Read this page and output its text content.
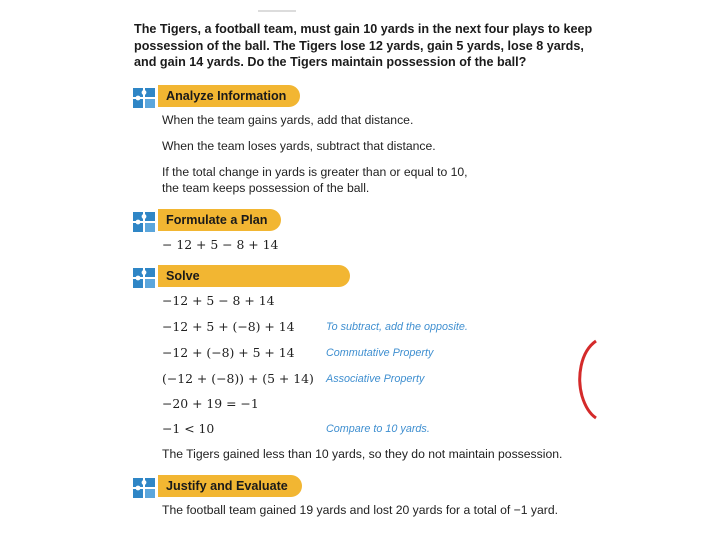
The Tigers, a football team, must gain 10 yards in the next four plays to keep possession of the ball. The Tigers lose 12 yards, gain 5 yards, lose 8 yards, and gain 14 yards. Do the Tigers maintain possession of the ball?
Analyze Information
When the team gains yards, add that distance.
When the team loses yards, subtract that distance.
If the total change in yards is greater than or equal to 10,
the team keeps possession of the ball.
Formulate a Plan
− 12 + 5 − 8 + 14
Solve
−12 + 5 − 8 + 14
−12 + 5 + (−8) + 14	To subtract, add the opposite.
−12 + (−8) + 5 + 14	Commutative Property
(−12 + (−8)) + (5 + 14) Associative Property
−20 + 19 = −1
−1 < 10	Compare to 10 yards.
The Tigers gained less than 10 yards, so they do not maintain possession.
Justify and Evaluate
The football team gained 19 yards and lost 20 yards for a total of −1 yard.
